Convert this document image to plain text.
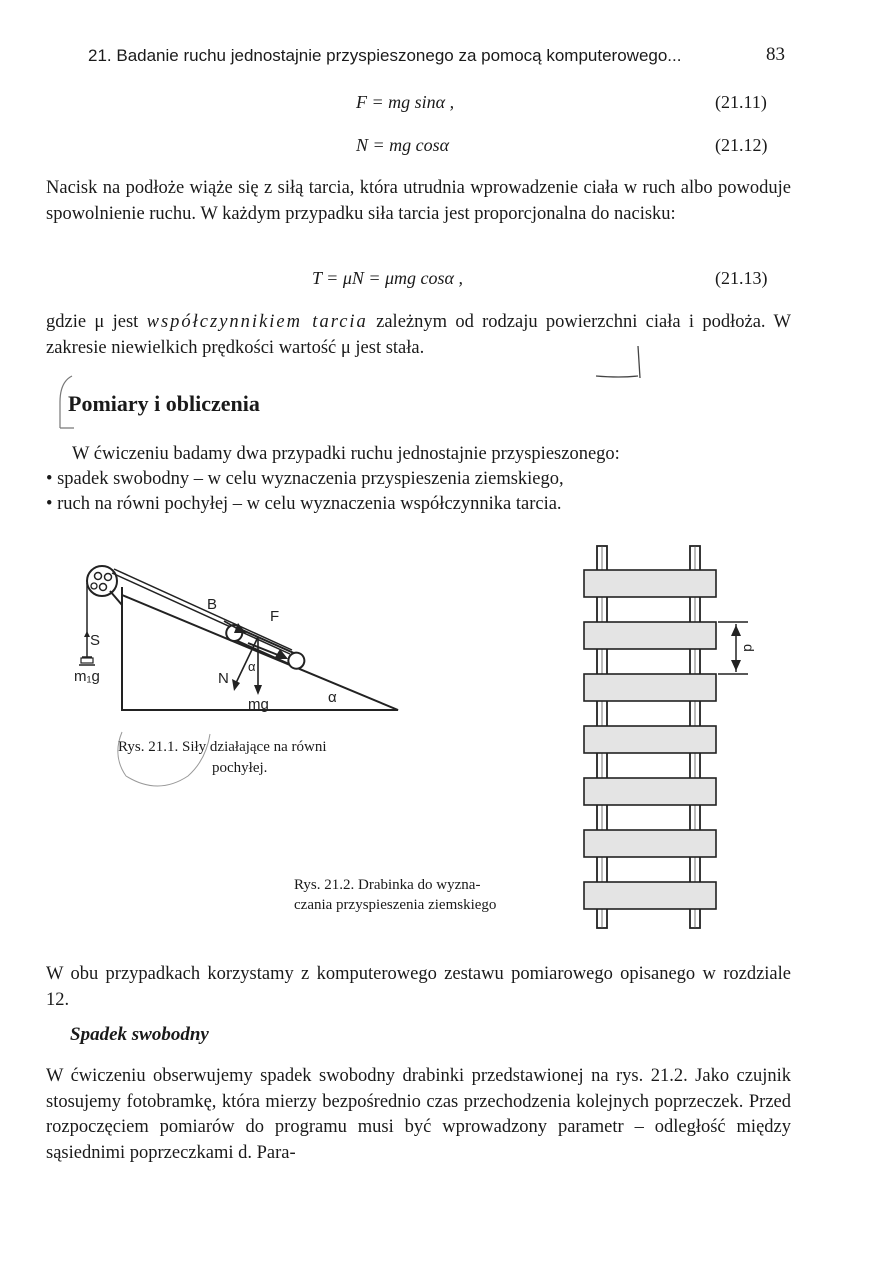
21. Badanie ruchu jednostajnie przyspieszonego za pomocą komputerowego...	83
F = mg sinα ,	(21.11)
N = mg cosα	(21.12)
Nacisk na podłoże wiąże się z siłą tarcia, która utrudnia wprowadzenie ciała w ruch albo powoduje spowolnienie ruchu. W każdym przypadku siła tarcia jest proporcjonalna do nacisku:
T = μN = μmg cosα ,	(21.13)
gdzie μ jest współczynnikiem tarcia zależnym od rodzaju powierzchni ciała i podłoża. W zakresie niewielkich prędkości wartość μ jest stała.
Pomiary i obliczenia
W ćwiczeniu badamy dwa przypadki ruchu jednostajnie przyspieszonego:
• spadek swobodny – w celu wyznaczenia przyspieszenia ziemskiego,
• ruch na równi pochyłej – w celu wyznaczenia współczynnika tarcia.
S
m₁g
B
F
mg
N
α
α
Rys. 21.1. Siły działające na równi
pochyłej.
d
Rys. 21.2. Drabinka do wyzna-
czania przyspieszenia ziemskiego
W obu przypadkach korzystamy z komputerowego zestawu pomiarowego opisanego w rozdziale 12.
Spadek swobodny
W ćwiczeniu obserwujemy spadek swobodny drabinki przedstawionej na rys. 21.2. Jako czujnik stosujemy fotobramkę, która mierzy bezpośrednio czas przechodzenia kolejnych poprzeczek. Przed rozpoczęciem pomiarów do programu musi być wprowadzony parametr – odległość między sąsiednimi poprzeczkami d. Para-
